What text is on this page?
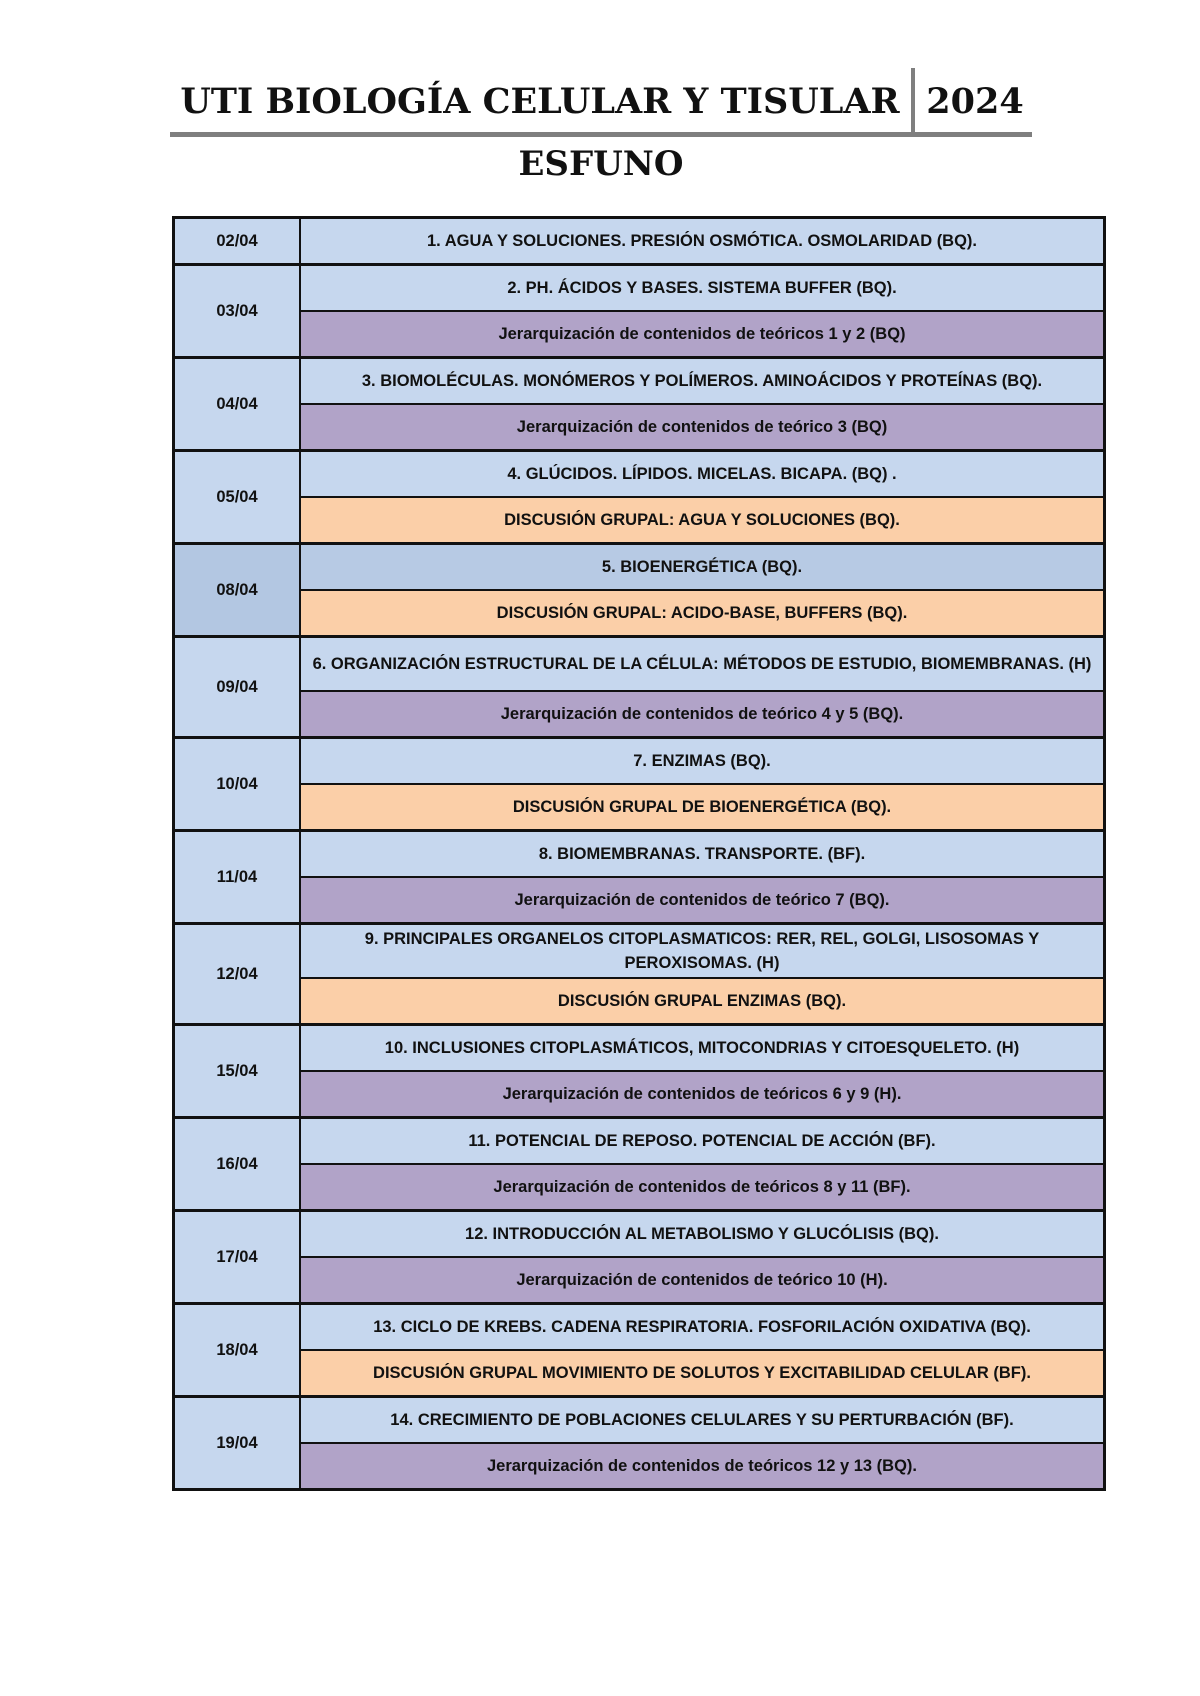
UTI BIOLOGÍA CELULAR Y TISULAR 2024
ESFUNO
02/04	1. AGUA Y SOLUCIONES. PRESIÓN OSMÓTICA. OSMOLARIDAD (BQ).
03/04	2. PH. ÁCIDOS Y BASES. SISTEMA BUFFER (BQ).
	Jerarquización de contenidos de teóricos 1 y 2 (BQ)
04/04	3. BIOMOLÉCULAS. MONÓMEROS Y POLÍMEROS. AMINOÁCIDOS Y PROTEÍNAS (BQ).
	Jerarquización de contenidos de teórico 3 (BQ)
05/04	4. GLÚCIDOS. LÍPIDOS. MICELAS. BICAPA. (BQ) .
	DISCUSIÓN GRUPAL: AGUA Y SOLUCIONES (BQ).
08/04	5. BIOENERGÉTICA (BQ).
	DISCUSIÓN GRUPAL: ACIDO-BASE, BUFFERS (BQ).
09/04	6. ORGANIZACIÓN ESTRUCTURAL DE LA CÉLULA: MÉTODOS DE ESTUDIO, BIOMEMBRANAS. (H)
	Jerarquización de contenidos de teórico 4 y 5 (BQ).
10/04	7. ENZIMAS (BQ).
	DISCUSIÓN GRUPAL DE BIOENERGÉTICA (BQ).
11/04	8. BIOMEMBRANAS. TRANSPORTE. (BF).
	Jerarquización de contenidos de teórico 7 (BQ).
12/04	9. PRINCIPALES ORGANELOS CITOPLASMATICOS: RER, REL, GOLGI, LISOSOMAS Y PEROXISOMAS. (H)
	DISCUSIÓN GRUPAL ENZIMAS (BQ).
15/04	10. INCLUSIONES CITOPLASMÁTICOS, MITOCONDRIAS Y CITOESQUELETO. (H)
	Jerarquización de contenidos de teóricos 6 y 9 (H).
16/04	11. POTENCIAL DE REPOSO. POTENCIAL DE ACCIÓN (BF).
	Jerarquización de contenidos de teóricos 8 y 11 (BF).
17/04	12. INTRODUCCIÓN AL METABOLISMO Y GLUCÓLISIS (BQ).
	Jerarquización de contenidos de teórico 10 (H).
18/04	13. CICLO DE KREBS. CADENA RESPIRATORIA. FOSFORILACIÓN OXIDATIVA (BQ).
	DISCUSIÓN GRUPAL MOVIMIENTO DE SOLUTOS Y EXCITABILIDAD CELULAR (BF).
19/04	14. CRECIMIENTO DE POBLACIONES CELULARES Y SU PERTURBACIÓN (BF).
	Jerarquización de contenidos de teóricos 12 y 13 (BQ).
